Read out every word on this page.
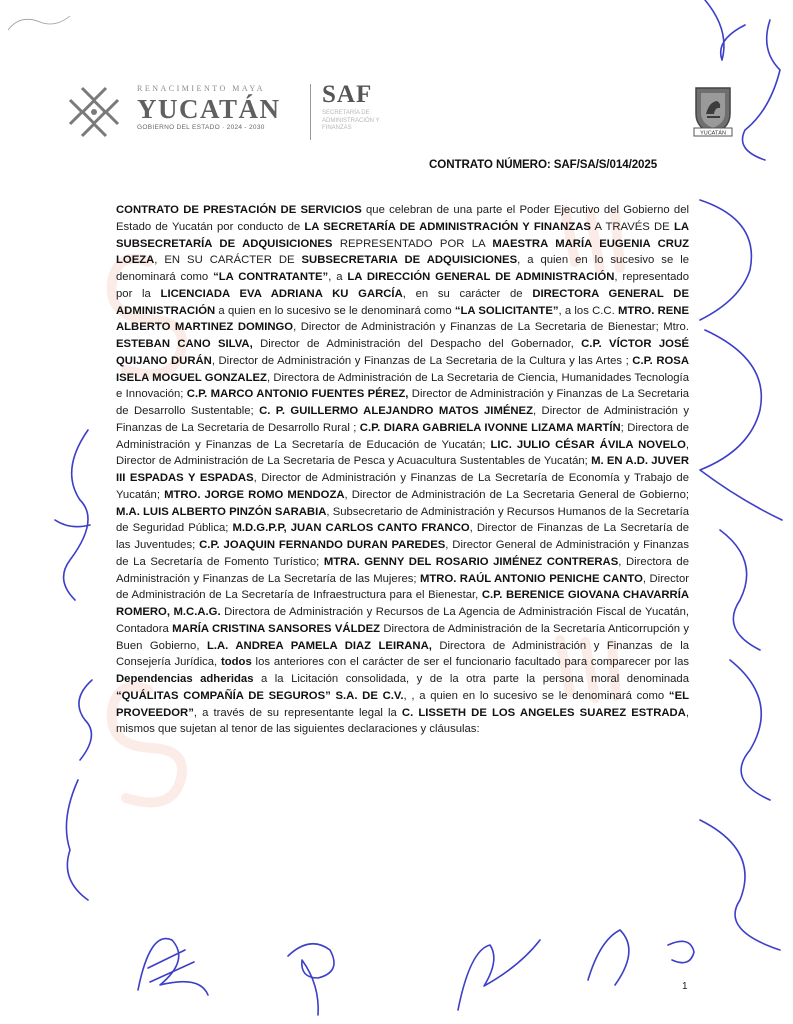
RENACIMIENTO MAYA
YUCATÁN
GOBIERNO DEL ESTADO · 2024 - 2030
SAF
SECRETARÍA DE ADMINISTRACIÓN Y FINANZAS
YUCATÁN
CONTRATO NÚMERO: SAF/SA/S/014/2025
CONTRATO DE PRESTACIÓN DE SERVICIOS que celebran de una parte el Poder Ejecutivo del Gobierno del Estado de Yucatán por conducto de LA SECRETARÍA DE ADMINISTRACIÓN Y FINANZAS A TRAVÉS DE LA SUBSECRETARÍA DE ADQUISICIONES REPRESENTADO POR LA MAESTRA MARÍA EUGENIA CRUZ LOEZA, EN SU CARÁCTER DE SUBSECRETARIA DE ADQUISICIONES, a quien en lo sucesivo se le denominará como “LA CONTRATANTE”, a LA DIRECCIÓN GENERAL DE ADMINISTRACIÓN, representado por la LICENCIADA EVA ADRIANA KU GARCÍA, en su carácter de DIRECTORA GENERAL DE ADMINISTRACIÓN a quien en lo sucesivo se le denominará como “LA SOLICITANTE”, a los C.C. MTRO. RENE ALBERTO MARTINEZ DOMINGO, Director de Administración y Finanzas de La Secretaria de Bienestar; Mtro. ESTEBAN CANO SILVA, Director de Administración del Despacho del Gobernador, C.P. VÍCTOR JOSÉ QUIJANO DURÁN, Director de Administración y Finanzas de La Secretaria de la Cultura y las Artes ; C.P. ROSA ISELA MOGUEL GONZALEZ, Directora de Administración de La Secretaria de Ciencia, Humanidades Tecnología e Innovación; C.P. MARCO ANTONIO FUENTES PÉREZ, Director de Administración y Finanzas de La Secretaria de Desarrollo Sustentable; C. P. GUILLERMO ALEJANDRO MATOS JIMÉNEZ, Director de Administración y Finanzas de La Secretaria de Desarrollo Rural ; C.P. DIARA GABRIELA IVONNE LIZAMA MARTÍN; Directora de Administración y Finanzas de La Secretaría de Educación de Yucatán; LIC. JULIO CÉSAR ÁVILA NOVELO, Director de Administración de La Secretaria de Pesca y Acuacultura Sustentables de Yucatán; M. EN A.D. JUVER III ESPADAS Y ESPADAS, Director de Administración y Finanzas de La Secretaría de Economía y Trabajo de Yucatán; MTRO. JORGE ROMO MENDOZA, Director de Administración de La Secretaria General de Gobierno; M.A. LUIS ALBERTO PINZÓN SARABIA, Subsecretario de Administración y Recursos Humanos de la Secretaría de Seguridad Pública; M.D.G.P.P, JUAN CARLOS CANTO FRANCO, Director de Finanzas de La Secretaría de las Juventudes; C.P. JOAQUIN FERNANDO DURAN PAREDES, Director General de Administración y Finanzas de La Secretaría de Fomento Turístico; MTRA. GENNY DEL ROSARIO JIMÉNEZ CONTRERAS, Directora de Administración y Finanzas de La Secretaría de las Mujeres; MTRO. RAÚL ANTONIO PENICHE CANTO, Director de Administración de La Secretaría de Infraestructura para el Bienestar, C.P. BERENICE GIOVANA CHAVARRÍA ROMERO, M.C.A.G. Directora de Administración y Recursos de La Agencia de Administración Fiscal de Yucatán, Contadora MARÍA CRISTINA SANSORES VÁLDEZ Directora de Administración de la Secretaría Anticorrupción y Buen Gobierno, L.A. ANDREA PAMELA DIAZ LEIRANA, Directora de Administración y Finanzas de la Consejería Jurídica, todos los anteriores con el carácter de ser el funcionario facultado para comparecer por las Dependencias adheridas a la Licitación consolidada, y de la otra parte la persona moral denominada “QUÁLITAS COMPAÑÍA DE SEGUROS” S.A. DE C.V., , a quien en lo sucesivo se le denominará como “EL PROVEEDOR”, a través de su representante legal la C. LISSETH DE LOS ANGELES SUAREZ ESTRADA, mismos que sujetan al tenor de las siguientes declaraciones y cláusulas:
1
